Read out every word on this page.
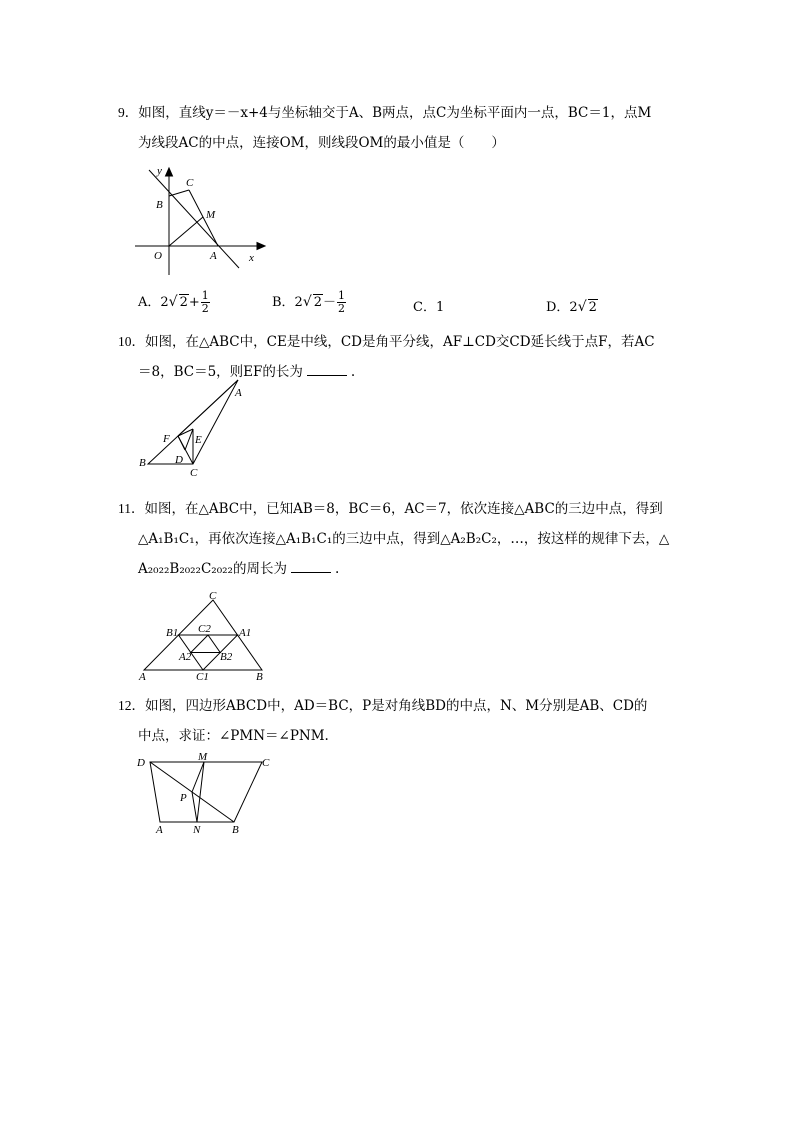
9．如图，直线y＝－x+4与坐标轴交于A、B两点，点C为坐标平面内一点，BC＝1，点M

为线段AC的中点，连接OM，则线段OM的最小值是（　　）

y
x
O	A
B
C
M
A．2√ $2+ \frac{1}{2}$	B．2√ $2- \frac{1}{2}$	C．1	D．2√ 2

10．如图，在△ABC中，CE是中线，CD是角平分线，AF⊥CD交CD延长线于点F，若AC

＝8，BC＝5，则EF的长为	.

A
B
C
D
E
F

11．如图，在△ABC中，已知AB＝8，BC＝6，AC＝7，依次连接△ABC的三边中点，得到

△A₁B₁C₁，再依次连接△A₁B₁C₁的三边中点，得到△A₂B₂C₂，…，按这样的规律下去，△

A₂₀₂₂B₂₀₂₂C₂₀₂₂的周长为	.

C
A	B
B1	A1
C2
A2	B2
C1

12．如图，四边形ABCD中，AD＝BC，P是对角线BD的中点，N、M分别是AB、CD的

中点，求证：∠PMN＝∠PNM.

D	M	C
P
A	N	B
